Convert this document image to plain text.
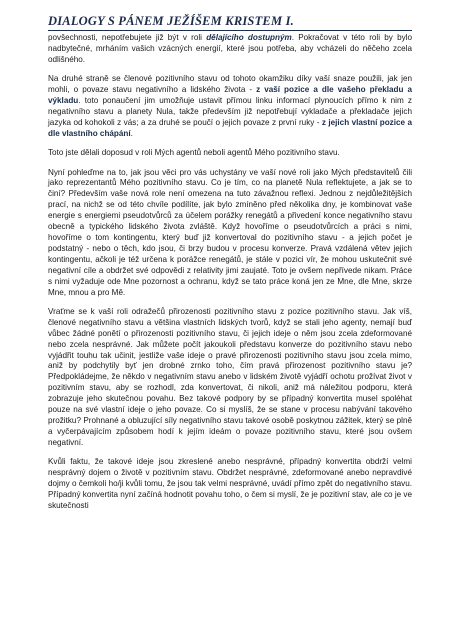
DIALOGY S PÁNEM JEŽÍŠEM KRISTEM I.

povšechnosti, nepotřebujete již být v roli dělajícího dostupným. Pokračovat v této roli by bylo nadbytečné, mrháním vašich vzácných energií, které jsou potřeba, aby vcházeli do něčeho zcela odlišného.

Na druhé straně se členové pozitivního stavu od tohoto okamžiku díky vaší snaze použili, jak jen mohli, o povaze stavu negativního a lidského života - z vaší pozice a dle vašeho překladu a výkladu. toto ponaučení jim umožňuje ustavit přímou linku informací plynoucích přímo k nim z negativního stavu a planety Nula, takže především již nepotřebují vykladače a překladače jejich jazyka od kohokoli z vás; a za druhé se poučí o jejich povaze z první ruky - z jejich vlastní pozice a dle vlastního chápání.

Toto jste dělali doposud v roli Mých agentů neboli agentů Mého pozitivního stavu.

Nyní pohleďme na to, jak jsou věci pro vás uchystány ve vaší nové roli jako Mých představitelů čili jako reprezentantů Mého pozitivního stavu. Co je tím, co na planetě Nula reflektujete, a jak se to činí? Především vaše nová role není omezena na tuto závažnou reflexi. Jednou z nejdůležitějších prací, na nichž se od této chvíle podílíte, jak bylo zmíněno před několika dny, je kombinovat vaše energie s energiemi pseudotvůrců za účelem porážky renegátů a přivedení konce negativního stavu obecně a typického lidského života zvláště. Když hovoříme o pseudotvůrcích a práci s nimi, hovoříme o tom kontingentu, který buď již konvertoval do pozitivního stavu - a jejich počet je podstatný - nebo o těch, kdo jsou, či brzy budou v procesu konverze. Pravá vzdálená větev jejich kontingentu, ačkoli je též určena k porážce renegátů, je stále v pozici vír, že mohou uskutečnit své negativní cíle a obdržet své odpovědi z relativity jimi zaujaté. Toto je ovšem nepřívede nikam. Práce s nimi vyžaduje ode Mne pozornost a ochranu, když se tato práce koná jen ze Mne, dle Mne, skrze Mne, mnou a pro Mě.

Vraťme se k vaší roli odražečů přirozenosti pozitivního stavu z pozice pozitivního stavu. Jak víš, členové negativního stavu a většina vlastních lidských tvorů, když se stali jeho agenty, nemají buď vůbec žádné ponětí o přirozenosti pozitivního stavu, či jejich ideje o něm jsou zcela zdeformované nebo zcela nesprávné. Jak můžete počít jakoukoli představu konverze do pozitivního stavu nebo vyjádřit touhu tak učinit, jestliže vaše ideje o pravé přirozenosti pozitivního stavu jsou zcela mimo, aniž by podchytily byť jen drobné zrnko toho, čím pravá přirozenost pozitivního stavu je? Předpokládejme, že někdo v negativním stavu anebo v lidském životě vyjádří ochotu prožívat život v pozitivním stavu, aby se rozhodl, zda konvertovat, či nikoli, aniž má náležitou podporu, která zobrazuje jeho skutečnou povahu. Bez takové podpory by se případný konvertita musel spoléhat pouze na své vlastní ideje o jeho povaze. Co si myslíš, že se stane v procesu nabývání takového prožitku? Prohnané a obluzující síly negativního stavu takové osobě poskytnou zážitek, který se plně a vyčerpávajícím způsobem hodí k jejím ideám o povaze pozitivního stavu, které jsou ovšem negativní.

Kvůli faktu, že takové ideje jsou zkreslené anebo nesprávné, případný konvertita obdrží velmi nesprávný dojem o životě v pozitivním stavu. Obdržet nesprávné, zdeformované anebo nepravdivé dojmy o čemkoli ho/ji kvůli tomu, že jsou tak velmi nesprávné, uvádí přímo zpět do negativního stavu. Případný konvertita nyní začíná hodnotit povahu toho, o čem si myslí, že je pozitivní stav, ale co je ve skutečnosti
